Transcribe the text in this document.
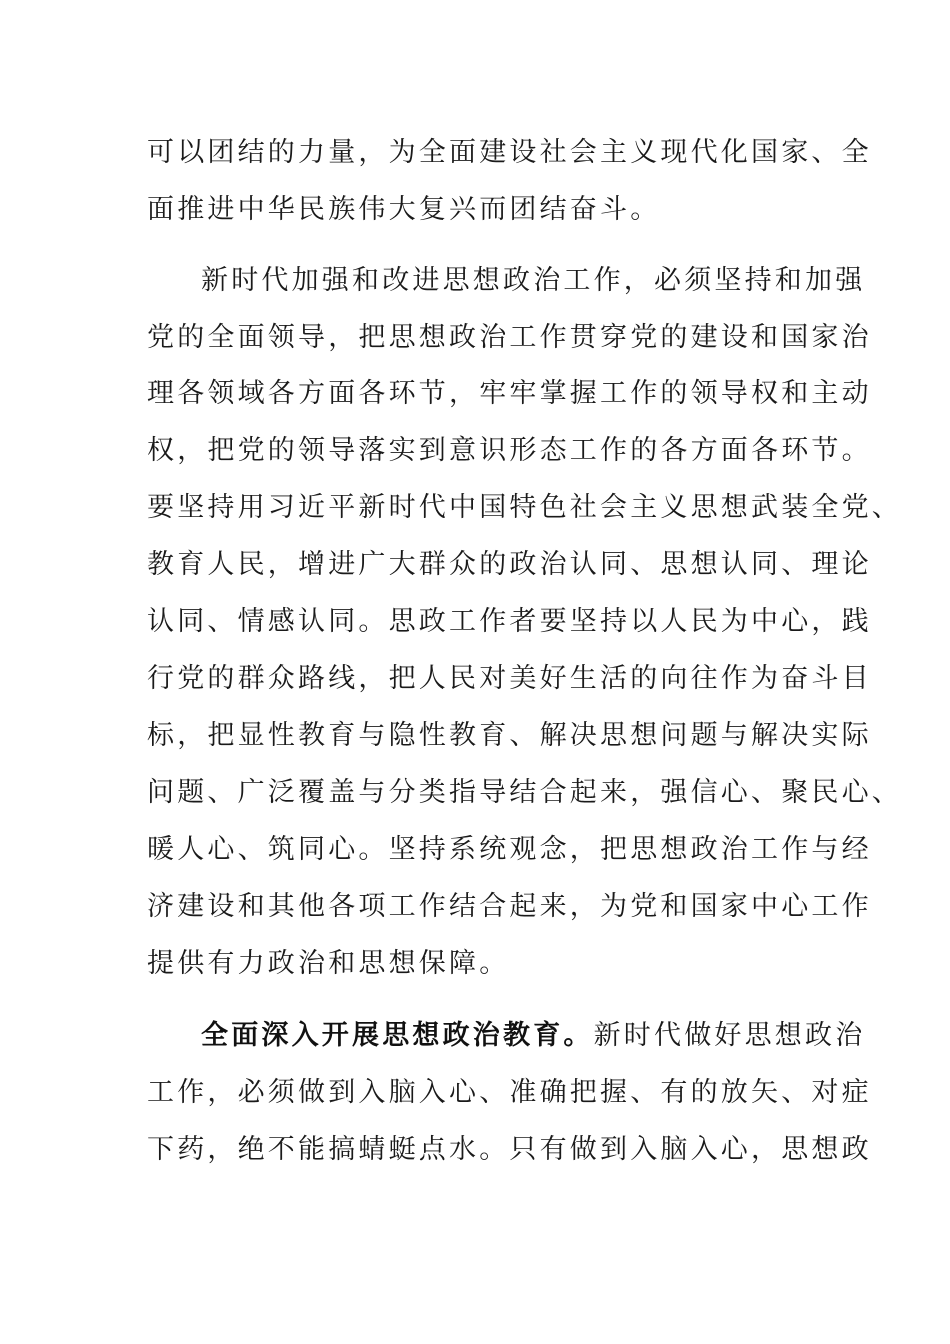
可以团结的力量，为全面建设社会主义现代化国家、全
面推进中华民族伟大复兴而团结奋斗。
新时代加强和改进思想政治工作，必须坚持和加强
党的全面领导，把思想政治工作贯穿党的建设和国家治
理各领域各方面各环节，牢牢掌握工作的领导权和主动
权，把党的领导落实到意识形态工作的各方面各环节。
要坚持用习近平新时代中国特色社会主义思想武装全党、
教育人民，增进广大群众的政治认同、思想认同、理论
认同、情感认同。思政工作者要坚持以人民为中心，践
行党的群众路线，把人民对美好生活的向往作为奋斗目
标，把显性教育与隐性教育、解决思想问题与解决实际
问题、广泛覆盖与分类指导结合起来，强信心、聚民心、
暖人心、筑同心。坚持系统观念，把思想政治工作与经
济建设和其他各项工作结合起来，为党和国家中心工作
提供有力政治和思想保障。
全面深入开展思想政治教育。新时代做好思想政治
工作，必须做到入脑入心、准确把握、有的放矢、对症
下药，绝不能搞蜻蜓点水。只有做到入脑入心，思想政
